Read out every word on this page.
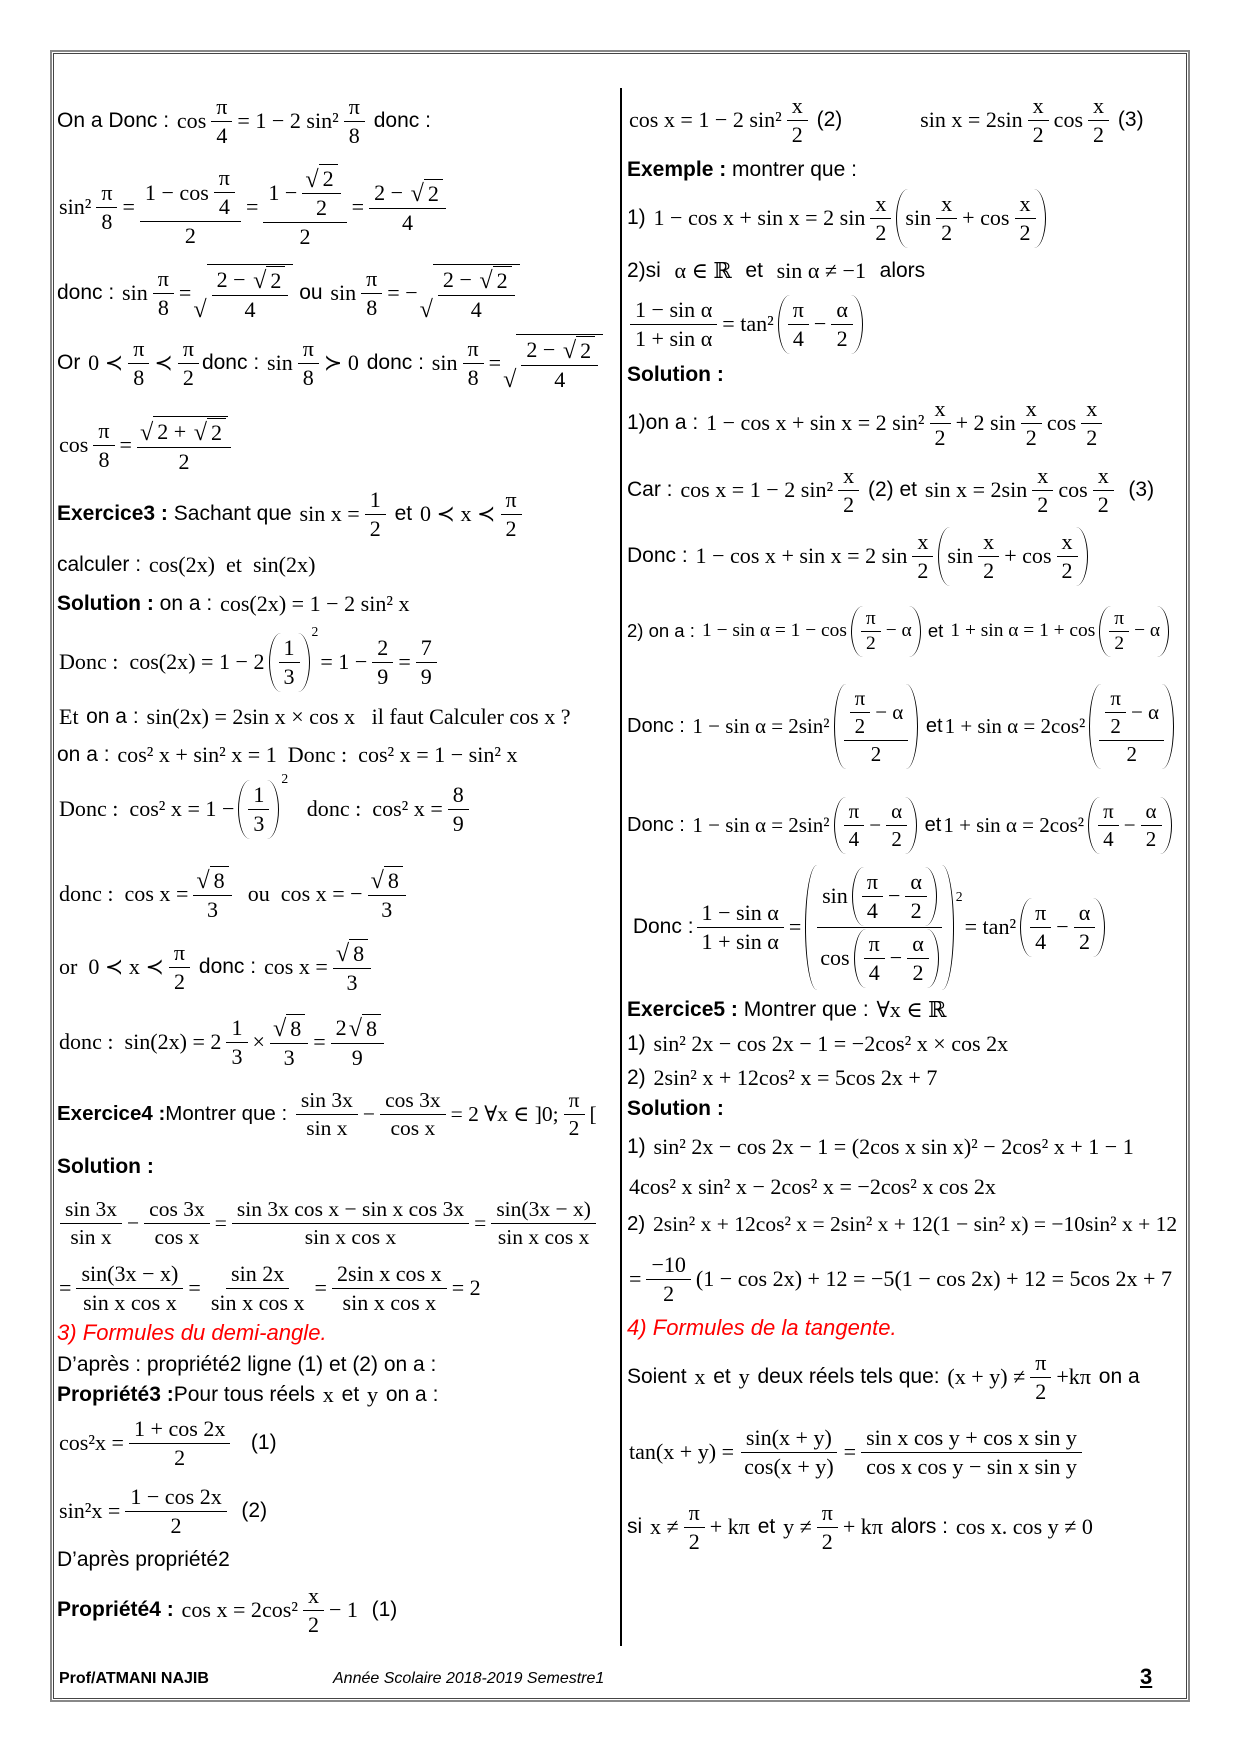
On a Donc : $\cos \frac{\pi}{4} = 1 - 2$ $\sin^2 \frac{\pi}{8}$ donc :
$\sin^2 \frac{\pi}{8} = \frac{1 - \cos \frac{\pi}{4}}{2} = \frac{1 - \frac{√ 2}{2}}{2} = \frac{2 - √ 2}{4}$
donc : $\sin \frac{\pi}{8}$ =
√ $\frac{2 - √ 2}{4}$ ou $\sin \frac{\pi}{8}$ = −
√ $\frac{2 - √ 2}{4}$
Or 0 ≺ $\frac{\pi}{8}$ ≺ $\frac{\pi}{2}$ donc : $\sin \frac{\pi}{8}$ ≻ 0 donc : $\sin \frac{\pi}{8}$ =
√ $\frac{2 - √ 2}{4}$
$\cos \frac{\pi}{8} = \frac{√ 2 + √ 2}{2}$
Exercice3 : Sachant que $\sin x = \frac{1}{2}$ et 0 ≺ x ≺ $\frac{\pi}{2}$
calculer : cos(2x)  et  sin(2x)
Solution : on a : cos(2x) = 1 − 2 sin² x
Donc :  $\cos(2x) = 1 - 2 \frac{1}{3}$
2
= $1 - \frac{2}{9} = \frac{7}{9}$
Et on a : sin(2x) = 2sin x × cos x   il faut Calculer cos x ?
on a : cos² x + sin² x = 1  Donc :  cos² x = 1 − sin² x
Donc :  cos² $x = 1 - \frac{1}{3}$
2
donc :  cos² $x = \frac{8}{9}$
donc :  $\cos x = \frac{√ 8}{3}$ ou  cos x = − $\frac{√ 8}{3}$
or  0 ≺ x ≺ $\frac{\pi}{2}$ donc : $\cos x = \frac{√ 8}{3}$
donc :  $\sin(2x) = 2 \frac{1}{3} \times \frac{√ 8}{3} = \frac{2 √ 8}{9}$
Exercice4 : Montrer que : $\frac{\sin 3x}{\text{sin x}} - \frac{\cos 3x}{\text{cos x}} = 2$ ∀x ∈ ]0; $\frac{\pi}{2}$ [
Solution :
$\frac{\sin 3x}{\text{sin x}} - \frac{\cos 3x}{\text{cos x}} = \frac{\text{sin 3x cos x − sin x cos 3x}}{\text{sin x cos x}} = \frac{\sin(3x - x)}{\text{sin x cos x}}$
= $\frac{\sin(3x - x)}{\text{sin x cos x}} = \frac{\sin 2x}{\text{sin x cos x}} = \frac{\text{2sin x cos x}}{\text{sin x cos x}} = 2$
3) Formules du demi-angle.
D’après : propriété2 ligne (1) et (2) on a :
Propriété3 : Pour tous réels x et y on a :
$\cos^2x = \frac{1 + \cos 2x}{2} (1)$
$\sin^2x = \frac{1 - \cos 2x}{2} (2)$
D’après propriété2
Propriété4 : $\cos x = 2\cos^2 \frac{x}{2} - 1$ (1)
cos x = 1 − 2 $\sin^2 \frac{x}{2} (2)$ $\sin x = 2\sin \frac{x}{2}$ $\cos \frac{x}{2} (3)$
Exemple : montrer que :
1) 1 − cos x + sin x = 2 $\sin \frac{x}{2}$ $\sin \frac{x}{2} + \cos \frac{x}{2}$
2)si α ∈ ℝ et sin α ≠ −1 alors
$\frac{\text{1 − sin α}}{\text{1 + sin α}} = \tan^2 \frac{\pi}{4} - \frac{\alpha}{2}$
Solution :
1)on a : 1 − cos x + sin x = 2 $\sin^2 \frac{x}{2} + 2$ $\sin \frac{x}{2}$ $\cos \frac{x}{2}$
Car : cos x = 1 − 2 $\sin^2 \frac{x}{2} (2)$ et $\sin x = 2\sin \frac{x}{2}$ $\cos \frac{x}{2} (3)$
Donc : 1 − cos x + sin x = 2 $\sin \frac{x}{2}$ $\sin \frac{x}{2} + \cos \frac{x}{2}$
2) on a : $1 - \sin \alpha = 1 - \cos \frac{\pi}{2} - \alpha$ et $1 + \sin \alpha = 1 + \cos \frac{\pi}{2} - \alpha$
Donc : $1 - \sin \alpha = 2\sin^2 \frac{\frac{\pi}{2} - \alpha}{2}$ et $1 + \sin \alpha = 2\cos^2 \frac{\frac{\pi}{2} - \alpha}{2}$
Donc : $1 - \sin \alpha = 2\sin^2 \frac{\pi}{4} - \frac{\alpha}{2}$ et $1 + \sin \alpha = 2\cos^2 \frac{\pi}{4} - \frac{\alpha}{2}$
Donc : $\frac{\text{1 − sin α}}{\text{1 + sin α}} = \frac{\sin \frac{\pi}{4} - \frac{\alpha}{2}}{\cos \frac{\pi}{4} - \frac{\alpha}{2}} 2$
= $\tan^2 \frac{\pi}{4} - \frac{\alpha}{2}$
Exercice5 : Montrer que : ∀x ∈ ℝ
1) sin² 2x − cos 2x − 1 = −2cos² x × cos 2x
2) 2sin² x + 12cos² x = 5cos 2x + 7
Solution :
1) sin² 2x − cos 2x − 1 = (2cos x sin x)² − 2cos² x + 1 − 1
4cos² x sin² x − 2cos² x = −2cos² x cos 2x
2) 2sin² x + 12cos² x = 2sin² x + 12(1 − sin² x) = −10sin² x + 12
= $\frac{-10}{2} (1 - \cos 2x) + 12 = -5(1 - \cos 2x) + 12 = 5\cos$ 2x + 7
4) Formules de la tangente.
Soient x et y deux réels tels que: $(x + y) \ne \frac{\pi}{2} +k\pi$ on a
$\tan(x + y) = \frac{\sin(x + y)}{\cos(x + y)} = \frac{\text{sin x cos y + cos x sin y}}{\text{cos x cos y − sin x sin y}}$
si $x \ne \frac{\pi}{2} + k\pi$ et $y \ne \frac{\pi}{2} + k\pi$ alors : cos x. cos y ≠ 0
Prof/ATMANI NAJIB	Année Scolaire 2018-2019 Semestre1	3
